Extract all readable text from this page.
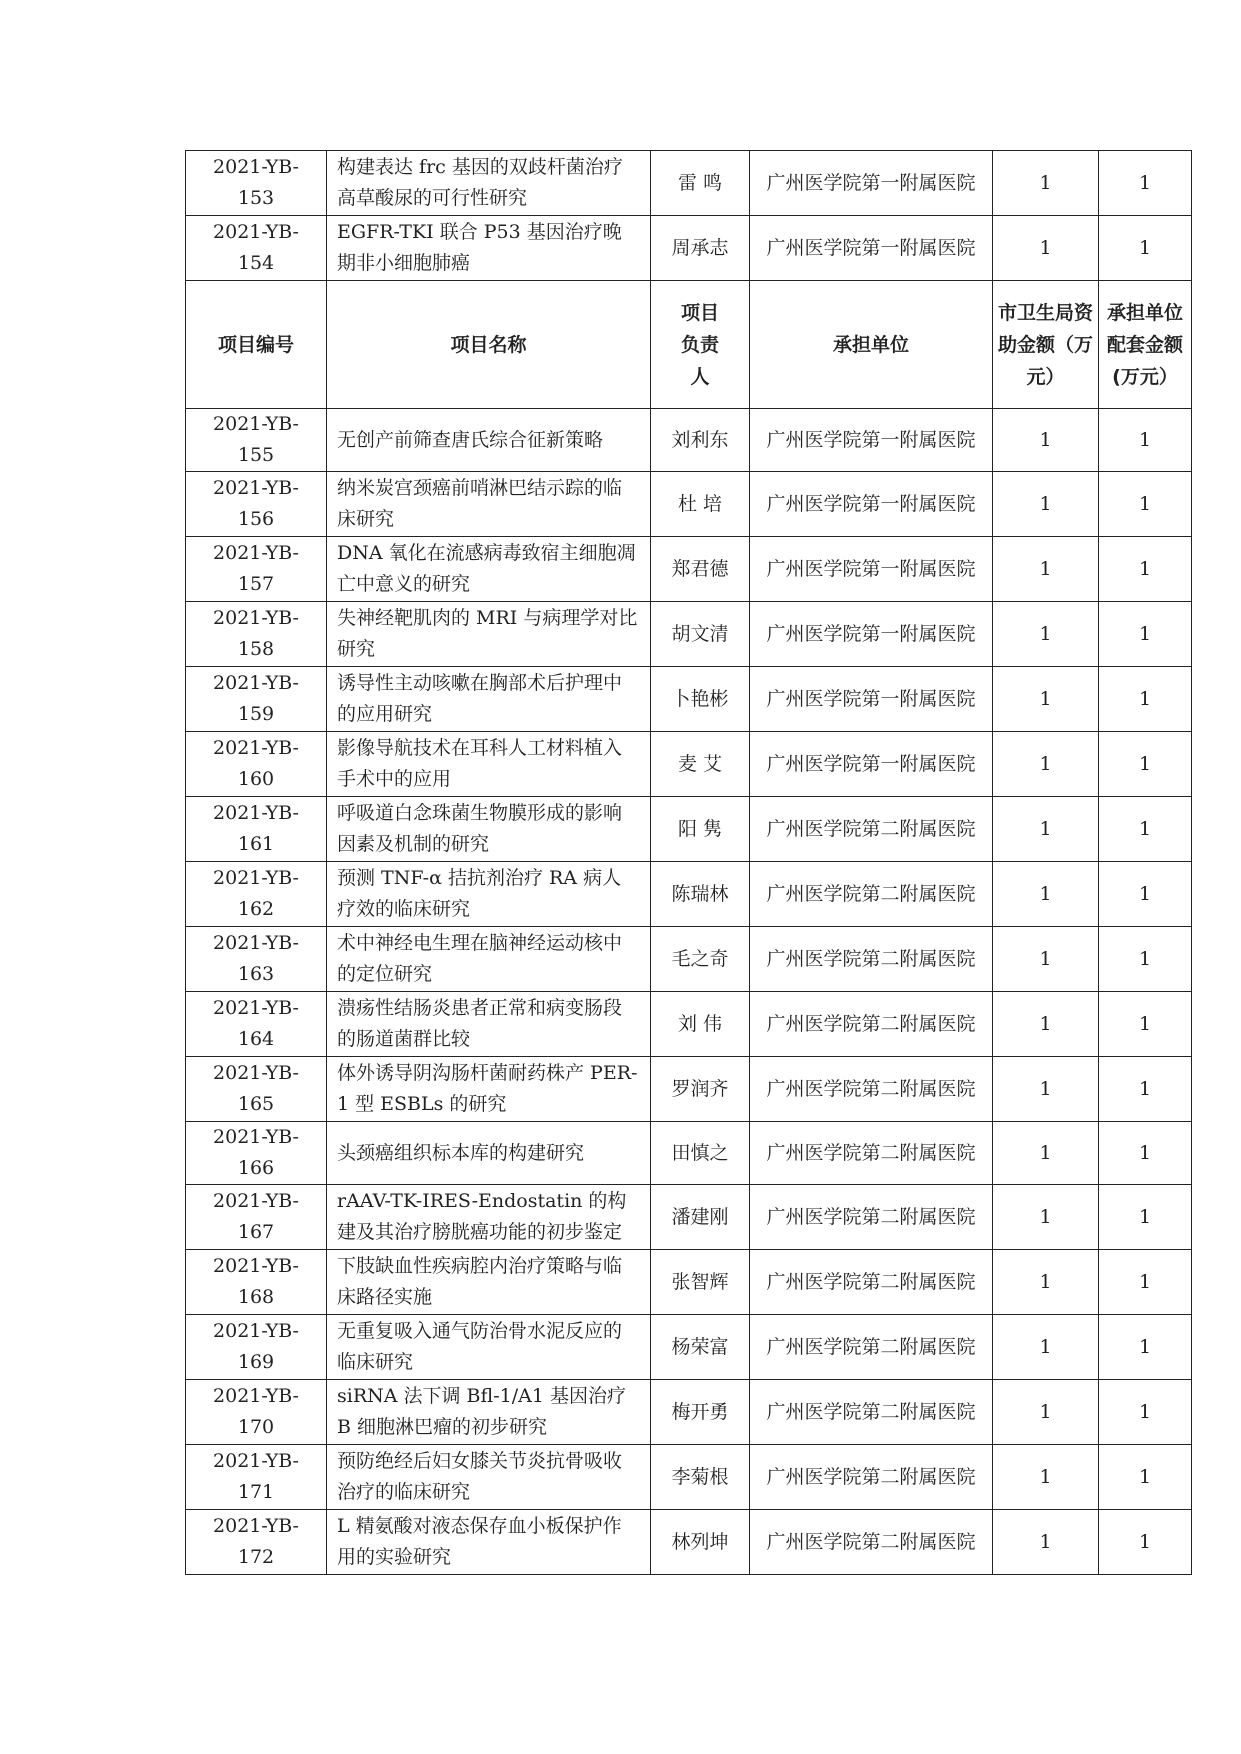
2021-YB-153	构建表达 frc 基因的双歧杆菌治疗高草酸尿的可行性研究	雷 鸣	广州医学院第一附属医院	1	1
2021-YB-154	EGFR-TKI 联合 P53 基因治疗晚期非小细胞肺癌	周承志	广州医学院第一附属医院	1	1
项目编号	项目名称	项目负责人	承担单位	市卫生局资助金额（万元）	承担单位配套金额(万元）
2021-YB-155	无创产前筛查唐氏综合征新策略	刘利东	广州医学院第一附属医院	1	1
2021-YB-156	纳米炭宫颈癌前哨淋巴结示踪的临床研究	杜 培	广州医学院第一附属医院	1	1
2021-YB-157	DNA 氧化在流感病毒致宿主细胞凋亡中意义的研究	郑君德	广州医学院第一附属医院	1	1
2021-YB-158	失神经靶肌肉的 MRI 与病理学对比研究	胡文清	广州医学院第一附属医院	1	1
2021-YB-159	诱导性主动咳嗽在胸部术后护理中的应用研究	卜艳彬	广州医学院第一附属医院	1	1
2021-YB-160	影像导航技术在耳科人工材料植入手术中的应用	麦 艾	广州医学院第一附属医院	1	1
2021-YB-161	呼吸道白念珠菌生物膜形成的影响因素及机制的研究	阳 隽	广州医学院第二附属医院	1	1
2021-YB-162	预测 TNF-α 拮抗剂治疗 RA 病人疗效的临床研究	陈瑞林	广州医学院第二附属医院	1	1
2021-YB-163	术中神经电生理在脑神经运动核中的定位研究	毛之奇	广州医学院第二附属医院	1	1
2021-YB-164	溃疡性结肠炎患者正常和病变肠段的肠道菌群比较	刘 伟	广州医学院第二附属医院	1	1
2021-YB-165	体外诱导阴沟肠杆菌耐药株产 PER-1 型 ESBLs 的研究	罗润齐	广州医学院第二附属医院	1	1
2021-YB-166	头颈癌组织标本库的构建研究	田慎之	广州医学院第二附属医院	1	1
2021-YB-167	rAAV-TK-IRES-Endostatin 的构建及其治疗膀胱癌功能的初步鉴定	潘建刚	广州医学院第二附属医院	1	1
2021-YB-168	下肢缺血性疾病腔内治疗策略与临床路径实施	张智辉	广州医学院第二附属医院	1	1
2021-YB-169	无重复吸入通气防治骨水泥反应的临床研究	杨荣富	广州医学院第二附属医院	1	1
2021-YB-170	siRNA 法下调 Bfl-1/A1 基因治疗 B 细胞淋巴瘤的初步研究	梅开勇	广州医学院第二附属医院	1	1
2021-YB-171	预防绝经后妇女膝关节炎抗骨吸收治疗的临床研究	李菊根	广州医学院第二附属医院	1	1
2021-YB-172	L 精氨酸对液态保存血小板保护作用的实验研究	林列坤	广州医学院第二附属医院	1	1
